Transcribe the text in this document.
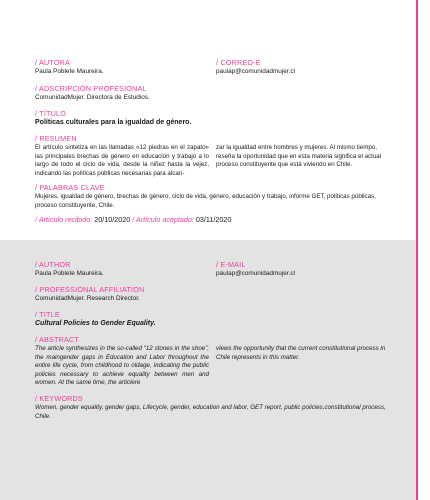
/ AUTORA
Paula Poblete Maureira.
/ CORREO-E
paulap@comunidadmujer.cl
/ ADSCRIPCIÓN PROFESIONAL
ComunidadMujer. Directora de Estudios.
/ TÍTULO
Políticas culturales para la igualdad de género.
/ RESUMEN
El artículo sintetiza en las llamadas «12 piedras en el zapato» las principales brechas de género en educación y trabajo a lo largo de todo el ciclo de vida, desde la niñez hasta la vejez, indicando las políticas públicas necesarias para alcan-
zar la igualdad entre hombres y mujeres. Al mismo tiempo, reseña la oportunidad que en esta materia significa el actual proceso constituyente que está viviendo en Chile.
/ PALABRAS CLAVE
Mujeres, igualdad de género, brechas de género, ciclo de vida, género, educación y trabajo, informe GET, políticas públicas, proceso constituyente, Chile.
/ Artículo recibido: 20/10/2020 / Artículo aceptado: 03/11/2020
/ AUTHOR
Paula Poblete Maureira.
/ E-MAIL
paulap@comunidadmujer.cl
/ PROFESSIONAL AFFILIATION
ComunidadMujer. Research Director.
/ TITLE
Cultural Policies to Gender Equality.
/ ABSTRACT
The article synthesizes in the so-called “12 stones in the shoe”, the maingender gaps in Education and Labor throughout the entire life cycle, from childhood to oldage, indicating the public policies necessary to achieve equality between men and women. At the same time, the articlere
views the opportunity that the current constitutional process in Chile represents in this matter.
/ KEYWORDS
Women, gender equality, gender gaps, Lifecycle, gender, education and labor, GET report, public policies,constitutional process, Chile.
